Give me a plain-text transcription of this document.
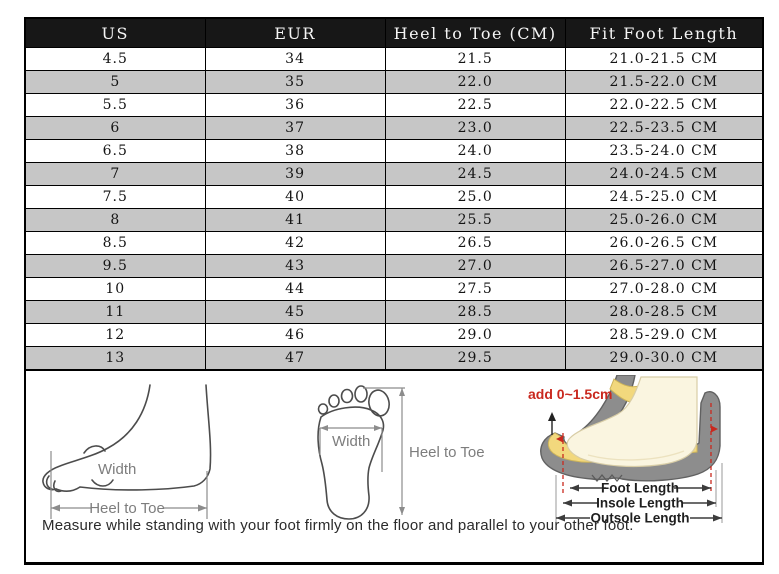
US	EUR	Heel to Toe (CM)	Fit Foot Length
4.5	34	21.5	21.0-21.5 CM
5	35	22.0	21.5-22.0 CM
5.5	36	22.5	22.0-22.5 CM
6	37	23.0	22.5-23.5 CM
6.5	38	24.0	23.5-24.0 CM
7	39	24.5	24.0-24.5 CM
7.5	40	25.0	24.5-25.0 CM
8	41	25.5	25.0-26.0 CM
8.5	42	26.5	26.0-26.5 CM
9.5	43	27.0	26.5-27.0 CM
10	44	27.5	27.0-28.0 CM
11	45	28.5	28.0-28.5 CM
12	46	29.0	28.5-29.0 CM
13	47	29.5	29.0-30.0 CM
Width
Heel to Toe
Width
Heel to Toe
add 0~1.5cm
Foot Length
Insole Length
Outsole Length
Measure while standing with your foot firmly on the floor and parallel to your other foot.
